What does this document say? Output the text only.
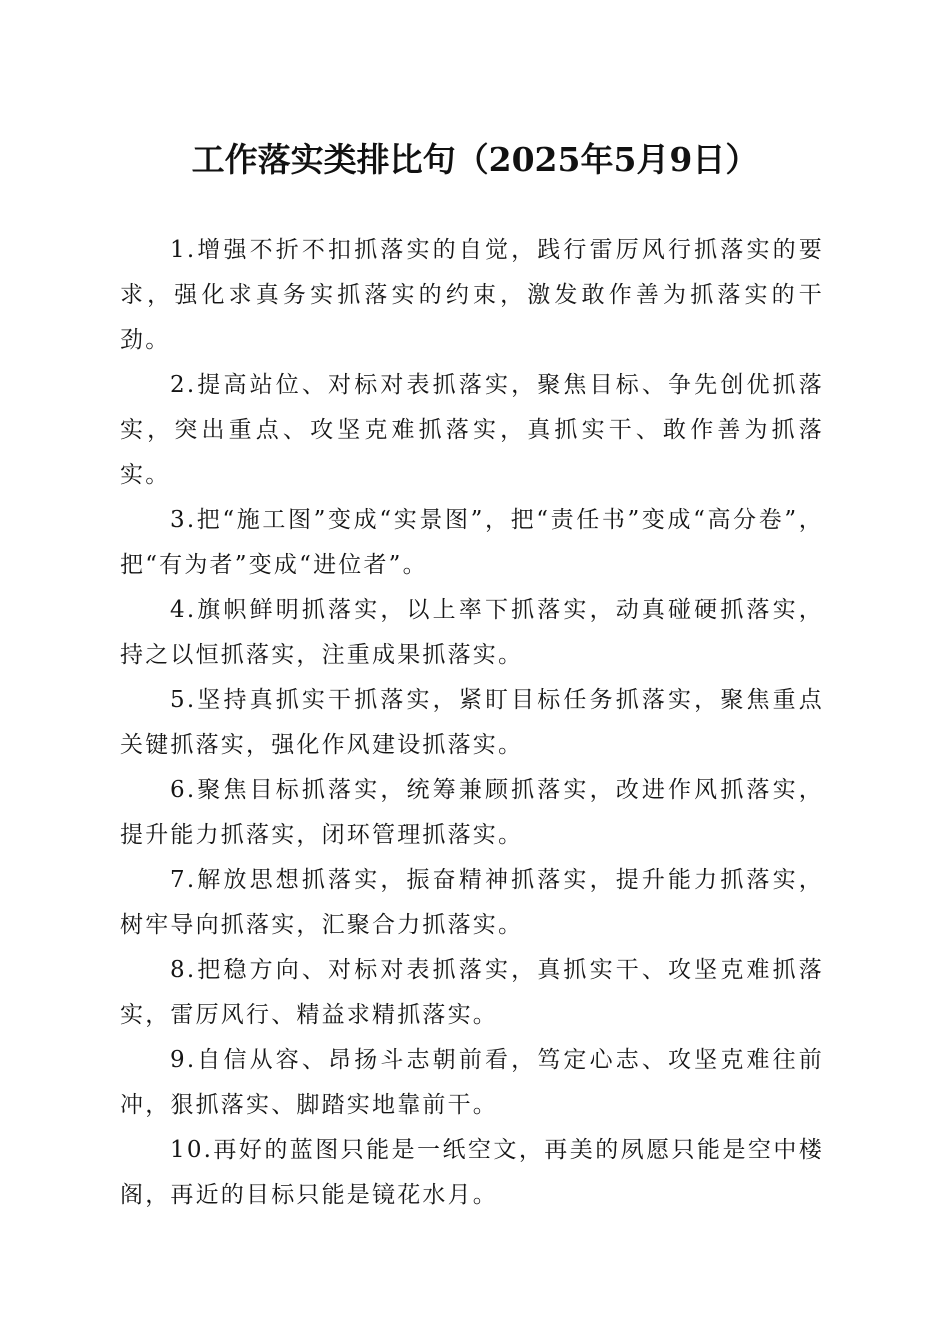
工作落实类排比句（2025年5月9日）

1.增强不折不扣抓落实的自觉，践行雷厉风行抓落实的要求，强化求真务实抓落实的约束，激发敢作善为抓落实的干劲。

2.提高站位、对标对表抓落实，聚焦目标、争先创优抓落实，突出重点、攻坚克难抓落实，真抓实干、敢作善为抓落实。

3.把“施工图”变成“实景图”，把“责任书”变成“高分卷”，把“有为者”变成“进位者”。

4.旗帜鲜明抓落实，以上率下抓落实，动真碰硬抓落实，持之以恒抓落实，注重成果抓落实。

5.坚持真抓实干抓落实，紧盯目标任务抓落实，聚焦重点关键抓落实，强化作风建设抓落实。

6.聚焦目标抓落实，统筹兼顾抓落实，改进作风抓落实，提升能力抓落实，闭环管理抓落实。

7.解放思想抓落实，振奋精神抓落实，提升能力抓落实，树牢导向抓落实，汇聚合力抓落实。

8.把稳方向、对标对表抓落实，真抓实干、攻坚克难抓落实，雷厉风行、精益求精抓落实。

9.自信从容、昂扬斗志朝前看，笃定心志、攻坚克难往前冲，狠抓落实、脚踏实地靠前干。

10.再好的蓝图只能是一纸空文，再美的夙愿只能是空中楼阁，再近的目标只能是镜花水月。
